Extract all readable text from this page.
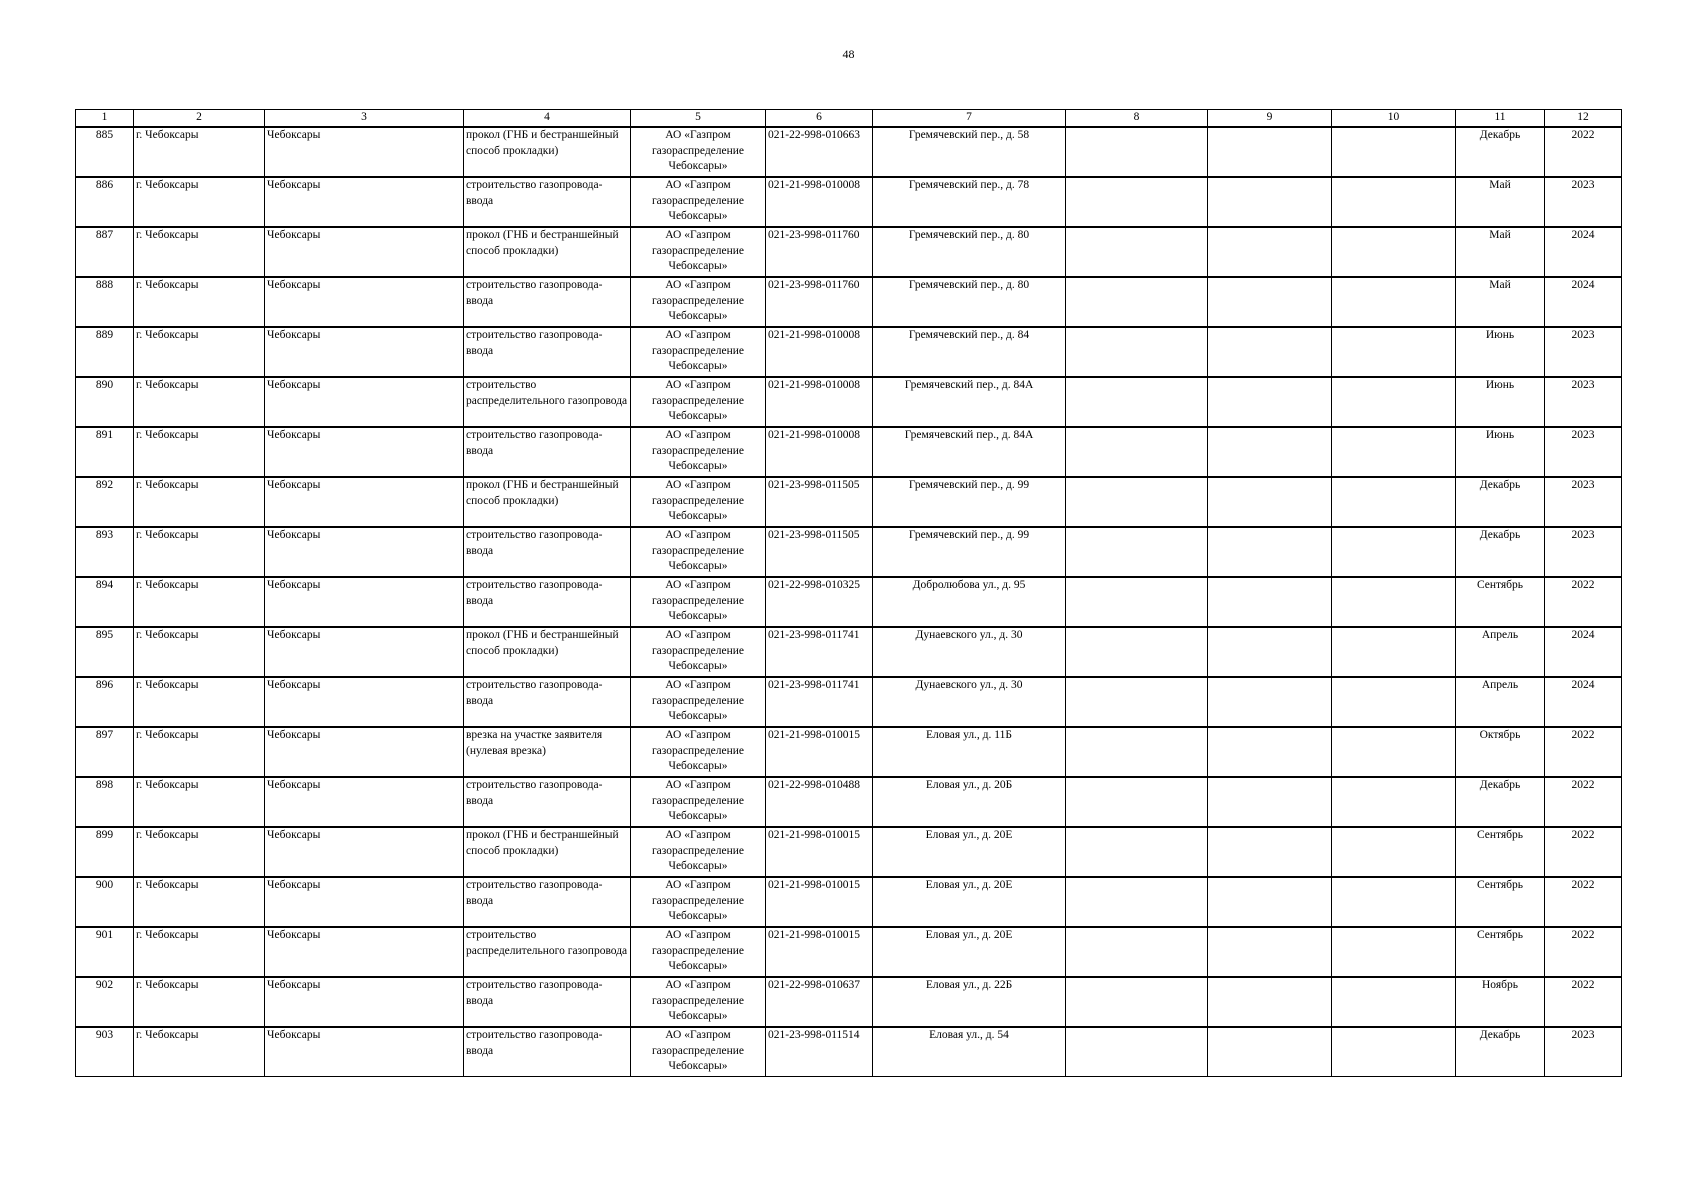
48
1	2	3	4	5	6	7	8	9	10	11	12
885	г. Чебоксары	Чебоксары	прокол (ГНБ и бестраншейный способ прокладки)	АО «Газпром газораспределение Чебоксары»	021-22-998-010663	Гремячевский пер., д. 58				Декабрь	2022
886	г. Чебоксары	Чебоксары	строительство газопровода-ввода	АО «Газпром газораспределение Чебоксары»	021-21-998-010008	Гремячевский пер., д. 78				Май	2023
887	г. Чебоксары	Чебоксары	прокол (ГНБ и бестраншейный способ прокладки)	АО «Газпром газораспределение Чебоксары»	021-23-998-011760	Гремячевский пер., д. 80				Май	2024
888	г. Чебоксары	Чебоксары	строительство газопровода-ввода	АО «Газпром газораспределение Чебоксары»	021-23-998-011760	Гремячевский пер., д. 80				Май	2024
889	г. Чебоксары	Чебоксары	строительство газопровода-ввода	АО «Газпром газораспределение Чебоксары»	021-21-998-010008	Гремячевский пер., д. 84				Июнь	2023
890	г. Чебоксары	Чебоксары	строительство распределительного газопровода	АО «Газпром газораспределение Чебоксары»	021-21-998-010008	Гремячевский пер., д. 84А				Июнь	2023
891	г. Чебоксары	Чебоксары	строительство газопровода-ввода	АО «Газпром газораспределение Чебоксары»	021-21-998-010008	Гремячевский пер., д. 84А				Июнь	2023
892	г. Чебоксары	Чебоксары	прокол (ГНБ и бестраншейный способ прокладки)	АО «Газпром газораспределение Чебоксары»	021-23-998-011505	Гремячевский пер., д. 99				Декабрь	2023
893	г. Чебоксары	Чебоксары	строительство газопровода-ввода	АО «Газпром газораспределение Чебоксары»	021-23-998-011505	Гремячевский пер., д. 99				Декабрь	2023
894	г. Чебоксары	Чебоксары	строительство газопровода-ввода	АО «Газпром газораспределение Чебоксары»	021-22-998-010325	Добролюбова ул., д. 95				Сентябрь	2022
895	г. Чебоксары	Чебоксары	прокол (ГНБ и бестраншейный способ прокладки)	АО «Газпром газораспределение Чебоксары»	021-23-998-011741	Дунаевского ул., д. 30				Апрель	2024
896	г. Чебоксары	Чебоксары	строительство газопровода-ввода	АО «Газпром газораспределение Чебоксары»	021-23-998-011741	Дунаевского ул., д. 30				Апрель	2024
897	г. Чебоксары	Чебоксары	врезка на участке заявителя (нулевая врезка)	АО «Газпром газораспределение Чебоксары»	021-21-998-010015	Еловая ул., д. 11Б				Октябрь	2022
898	г. Чебоксары	Чебоксары	строительство газопровода-ввода	АО «Газпром газораспределение Чебоксары»	021-22-998-010488	Еловая ул., д. 20Б				Декабрь	2022
899	г. Чебоксары	Чебоксары	прокол (ГНБ и бестраншейный способ прокладки)	АО «Газпром газораспределение Чебоксары»	021-21-998-010015	Еловая ул., д. 20Е				Сентябрь	2022
900	г. Чебоксары	Чебоксары	строительство газопровода-ввода	АО «Газпром газораспределение Чебоксары»	021-21-998-010015	Еловая ул., д. 20Е				Сентябрь	2022
901	г. Чебоксары	Чебоксары	строительство распределительного газопровода	АО «Газпром газораспределение Чебоксары»	021-21-998-010015	Еловая ул., д. 20Е				Сентябрь	2022
902	г. Чебоксары	Чебоксары	строительство газопровода-ввода	АО «Газпром газораспределение Чебоксары»	021-22-998-010637	Еловая ул., д. 22Б				Ноябрь	2022
903	г. Чебоксары	Чебоксары	строительство газопровода-ввода	АО «Газпром газораспределение Чебоксары»	021-23-998-011514	Еловая ул., д. 54				Декабрь	2023
